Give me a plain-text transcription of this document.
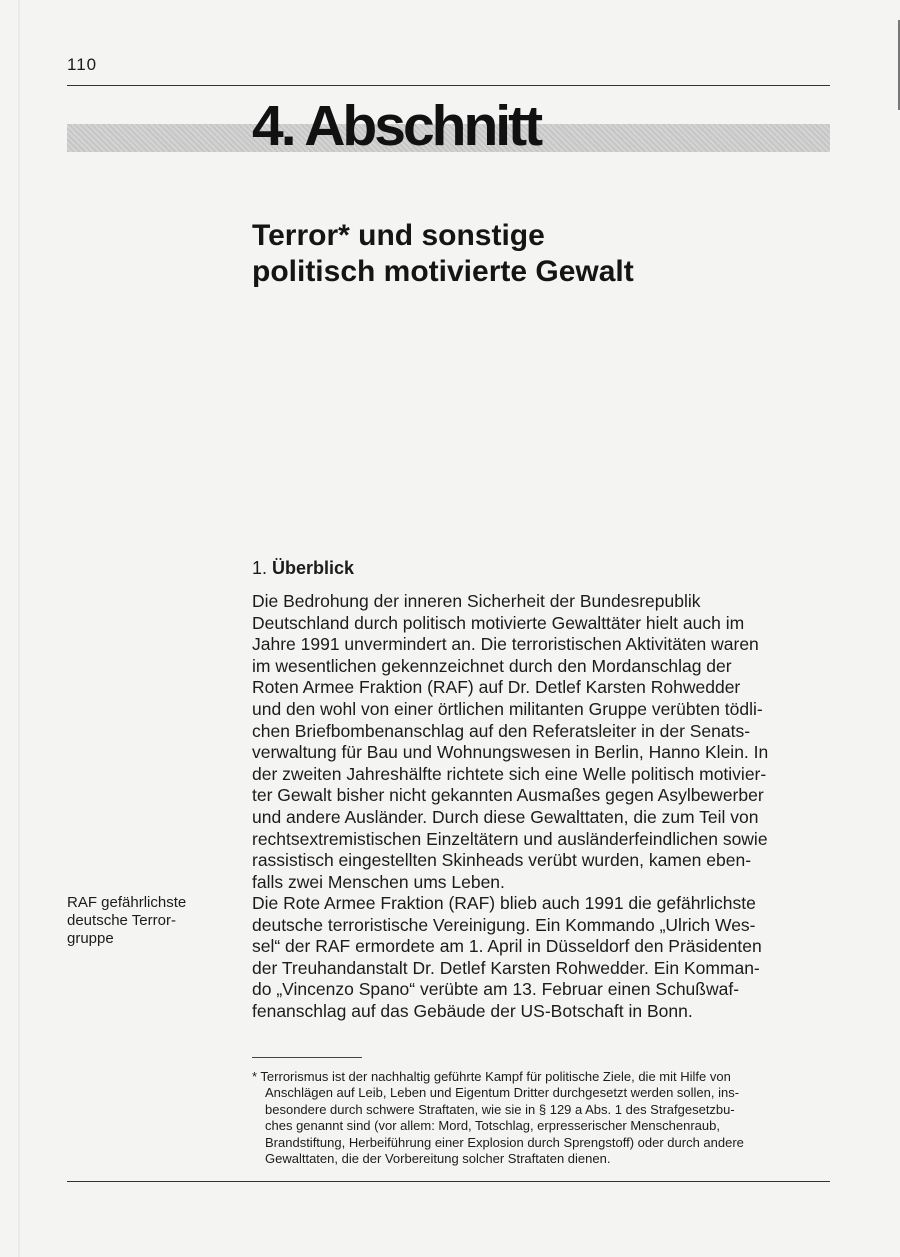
110
4. Abschnitt
Terror* und sonstige
politisch motivierte Gewalt
1. Überblick

Die Bedrohung der inneren Sicherheit der Bundesrepublik
Deutschland durch politisch motivierte Gewalttäter hielt auch im
Jahre 1991 unvermindert an. Die terroristischen Aktivitäten waren
im wesentlichen gekennzeichnet durch den Mordanschlag der
Roten Armee Fraktion (RAF) auf Dr. Detlef Karsten Rohwedder
und den wohl von einer örtlichen militanten Gruppe verübten tödli-
chen Briefbombenanschlag auf den Referatsleiter in der Senats-
verwaltung für Bau und Wohnungswesen in Berlin, Hanno Klein. In
der zweiten Jahreshälfte richtete sich eine Welle politisch motivier-
ter Gewalt bisher nicht gekannten Ausmaßes gegen Asylbewerber
und andere Ausländer. Durch diese Gewalttaten, die zum Teil von
rechtsextremistischen Einzeltätern und ausländerfeindlichen sowie
rassistisch eingestellten Skinheads verübt wurden, kamen eben-
falls zwei Menschen ums Leben.

RAF gefährlichste
deutsche Terror-
gruppe

Die Rote Armee Fraktion (RAF) blieb auch 1991 die gefährlichste
deutsche terroristische Vereinigung. Ein Kommando „Ulrich Wes-
sel“ der RAF ermordete am 1. April in Düsseldorf den Präsidenten
der Treuhandanstalt Dr. Detlef Karsten Rohwedder. Ein Komman-
do „Vincenzo Spano“ verübte am 13. Februar einen Schußwaf-
fenanschlag auf das Gebäude der US-Botschaft in Bonn.

* Terrorismus ist der nachhaltig geführte Kampf für politische Ziele, die mit Hilfe von
Anschlägen auf Leib, Leben und Eigentum Dritter durchgesetzt werden sollen, ins-
besondere durch schwere Straftaten, wie sie in § 129 a Abs. 1 des Strafgesetzbu-
ches genannt sind (vor allem: Mord, Totschlag, erpresserischer Menschenraub,
Brandstiftung, Herbeiführung einer Explosion durch Sprengstoff) oder durch andere
Gewalttaten, die der Vorbereitung solcher Straftaten dienen.
